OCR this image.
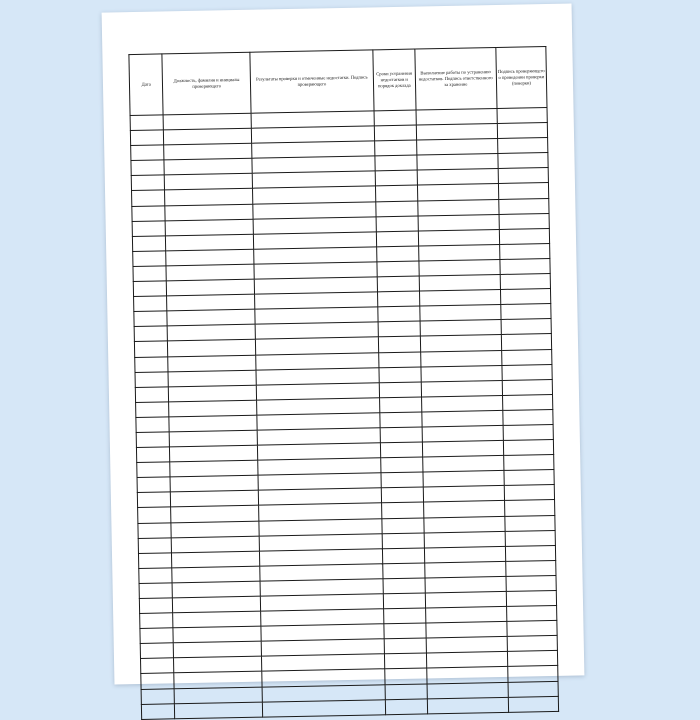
Дата	Должность, фамилия и инициалы проверяющего	Результаты проверки и отмеченные недостатки. Подпись проверяющего	Сроки устранения недостатков и порядок доклада	Выполнение работы по устранению недостатков. Подпись ответственного за хранение	Подпись проверяющего о проведении проверки (поверки)
